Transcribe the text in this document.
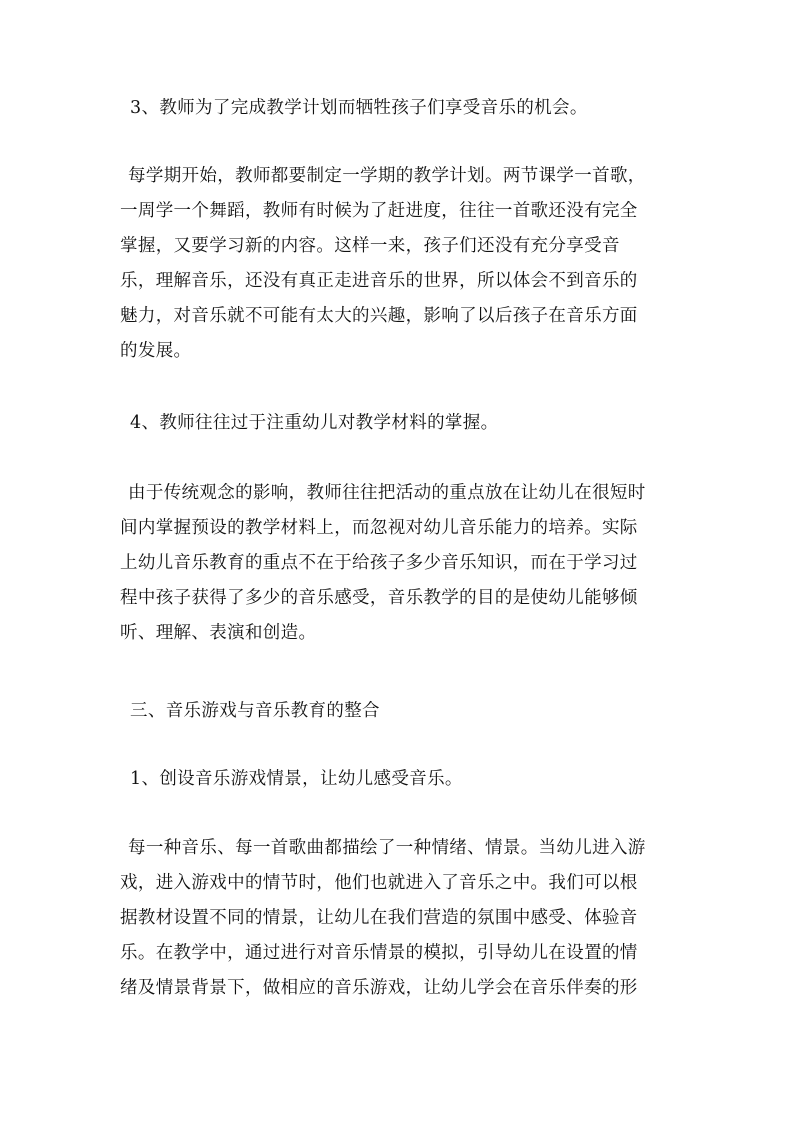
3、教师为了完成教学计划而牺牲孩子们享受音乐的机会。
每学期开始，教师都要制定一学期的教学计划。两节课学一首歌，
一周学一个舞蹈，教师有时候为了赶进度，往往一首歌还没有完全
掌握，又要学习新的内容。这样一来，孩子们还没有充分享受音
乐，理解音乐，还没有真正走进音乐的世界，所以体会不到音乐的
魅力，对音乐就不可能有太大的兴趣，影响了以后孩子在音乐方面
的发展。
4、教师往往过于注重幼儿对教学材料的掌握。
由于传统观念的影响，教师往往把活动的重点放在让幼儿在很短时
间内掌握预设的教学材料上，而忽视对幼儿音乐能力的培养。实际
上幼儿音乐教育的重点不在于给孩子多少音乐知识，而在于学习过
程中孩子获得了多少的音乐感受，音乐教学的目的是使幼儿能够倾
听、理解、表演和创造。
三、音乐游戏与音乐教育的整合
1、创设音乐游戏情景，让幼儿感受音乐。
每一种音乐、每一首歌曲都描绘了一种情绪、情景。当幼儿进入游
戏，进入游戏中的情节时，他们也就进入了音乐之中。我们可以根
据教材设置不同的情景，让幼儿在我们营造的氛围中感受、体验音
乐。在教学中，通过进行对音乐情景的模拟，引导幼儿在设置的情
绪及情景背景下，做相应的音乐游戏，让幼儿学会在音乐伴奏的形
